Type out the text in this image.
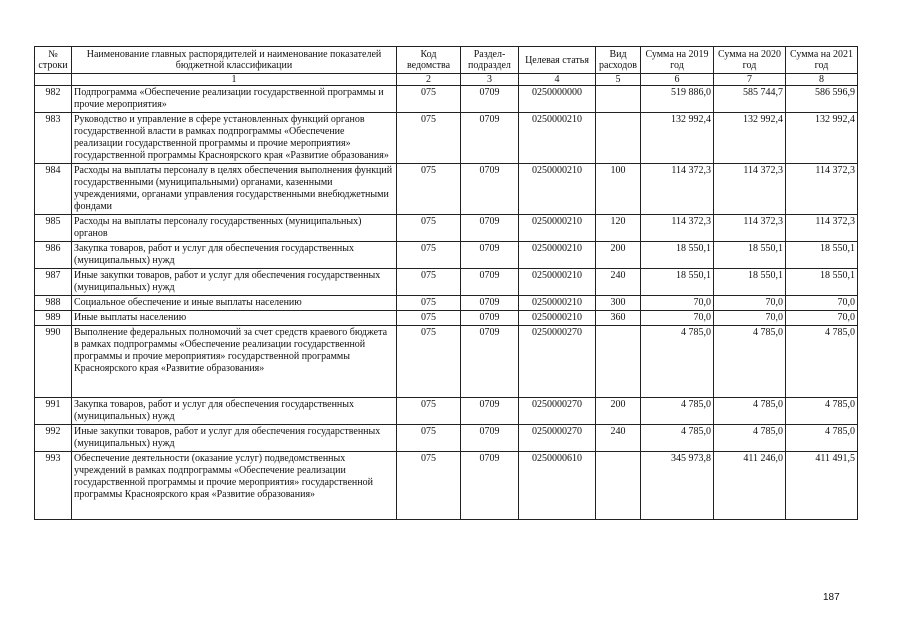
№ строки	Наименование главных распорядителей и наименование показателей бюджетной классификации	Код ведомства	Раздел-подраздел	Целевая статья	Вид расходов	Сумма на 2019 год	Сумма на 2020 год	Сумма на 2021 год
	1	2	3	4	5	6	7	8
982	Подпрограмма «Обеспечение реализации государственной программы и прочие мероприятия»	075	0709	0250000000		519 886,0	585 744,7	586 596,9
983	Руководство и управление в сфере установленных функций органов государственной власти в рамках подпрограммы «Обеспечение реализации государственной программы и прочие мероприятия» государственной программы Красноярского края «Развитие образования»	075	0709	0250000210		132 992,4	132 992,4	132 992,4
984	Расходы на выплаты персоналу в целях обеспечения выполнения функций государственными (муниципальными) органами, казенными учреждениями, органами управления государственными внебюджетными фондами	075	0709	0250000210	100	114 372,3	114 372,3	114 372,3
985	Расходы на выплаты персоналу государственных (муниципальных) органов	075	0709	0250000210	120	114 372,3	114 372,3	114 372,3
986	Закупка товаров, работ и услуг для обеспечения государственных (муниципальных) нужд	075	0709	0250000210	200	18 550,1	18 550,1	18 550,1
987	Иные закупки товаров, работ и услуг для обеспечения государственных (муниципальных) нужд	075	0709	0250000210	240	18 550,1	18 550,1	18 550,1
988	Социальное обеспечение и иные выплаты населению	075	0709	0250000210	300	70,0	70,0	70,0
989	Иные выплаты населению	075	0709	0250000210	360	70,0	70,0	70,0
990	Выполнение федеральных полномочий за счет средств краевого бюджета в рамках подпрограммы «Обеспечение реализации государственной программы и прочие мероприятия» государственной программы Красноярского края «Развитие образования»	075	0709	0250000270		4 785,0	4 785,0	4 785,0
991	Закупка товаров, работ и услуг для обеспечения государственных (муниципальных) нужд	075	0709	0250000270	200	4 785,0	4 785,0	4 785,0
992	Иные закупки товаров, работ и услуг для обеспечения государственных (муниципальных) нужд	075	0709	0250000270	240	4 785,0	4 785,0	4 785,0
993	Обеспечение деятельности (оказание услуг) подведомственных учреждений в рамках подпрограммы «Обеспечение реализации государственной программы и прочие мероприятия» государственной программы Красноярского края «Развитие образования»	075	0709	0250000610		345 973,8	411 246,0	411 491,5
187
